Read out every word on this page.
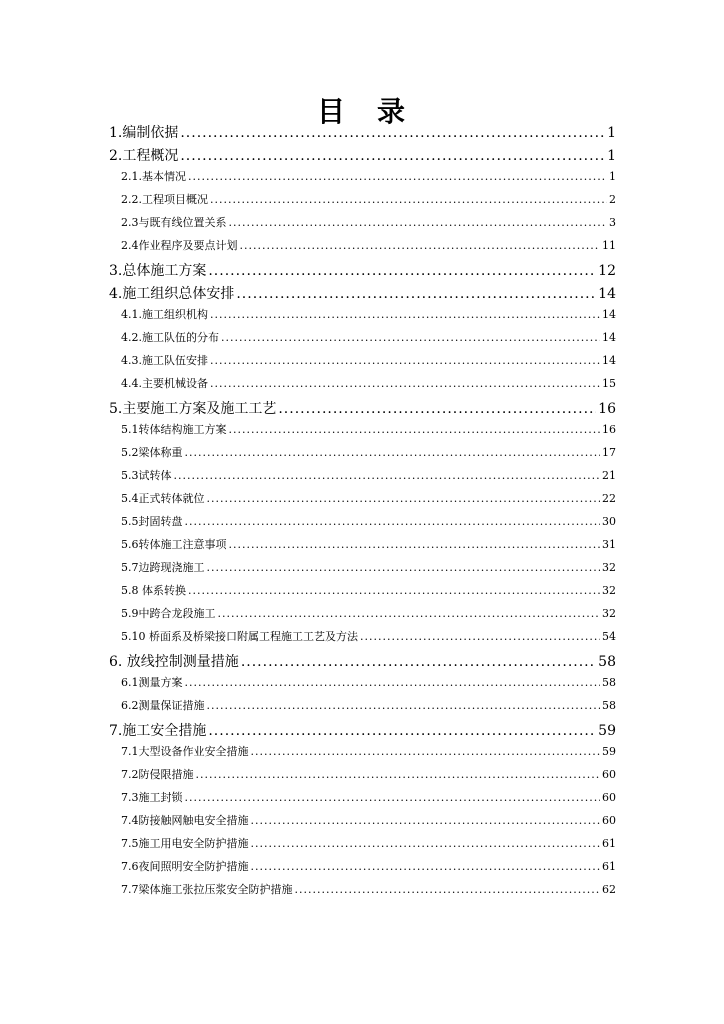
目　录
1.编制依据 .....	1
2.工程概况 .....	1
2.1.基本情况 .....	1
2.2.工程项目概况 .....	2
2.3与既有线位置关系 .....	3
2.4作业程序及要点计划 .....	11
3.总体施工方案 .....	12
4.施工组织总体安排 .....	14
4.1.施工组织机构 .....	14
4.2.施工队伍的分布 .....	14
4.3.施工队伍安排 .....	14
4.4.主要机械设备 .....	15
5.主要施工方案及施工工艺 .....	16
5.1转体结构施工方案 .....	16
5.2梁体称重 .....	17
5.3试转体 .....	21
5.4正式转体就位 .....	22
5.5封固转盘 .....	30
5.6转体施工注意事项 .....	31
5.7边跨现浇施工 .....	32
5.8 体系转换 .....	32
5.9中跨合龙段施工 .....	32
5.10 桥面系及桥梁接口附属工程施工工艺及方法 .....	54
6. 放线控制测量措施 .....	58
6.1测量方案 .....	58
6.2测量保证措施 .....	58
7.施工安全措施 .....	59
7.1大型设备作业安全措施 .....	59
7.2防侵限措施 .....	60
7.3施工封锁 .....	60
7.4防接触网触电安全措施 .....	60
7.5施工用电安全防护措施 .....	61
7.6夜间照明安全防护措施 .....	61
7.7梁体施工张拉压浆安全防护措施 .....	62
